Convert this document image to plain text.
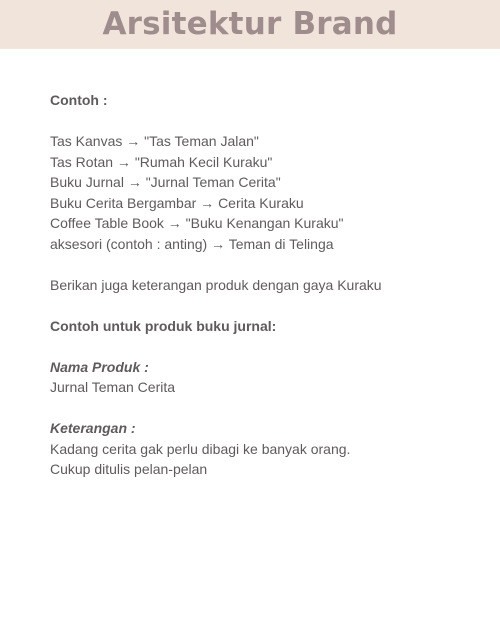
Arsitektur Brand

Contoh :

Tas Kanvas → "Tas Teman Jalan"

Tas Rotan → "Rumah Kecil Kuraku"

Buku Jurnal → "Jurnal Teman Cerita"

Buku Cerita Bergambar → Cerita Kuraku

Coffee Table Book → "Buku Kenangan Kuraku"

aksesori (contoh : anting) → Teman di Telinga

Berikan juga keterangan produk dengan gaya Kuraku

Contoh untuk produk buku jurnal:

Nama Produk :

Jurnal Teman Cerita

Keterangan :

Kadang cerita gak perlu dibagi ke banyak orang.

Cukup ditulis pelan-pelan
